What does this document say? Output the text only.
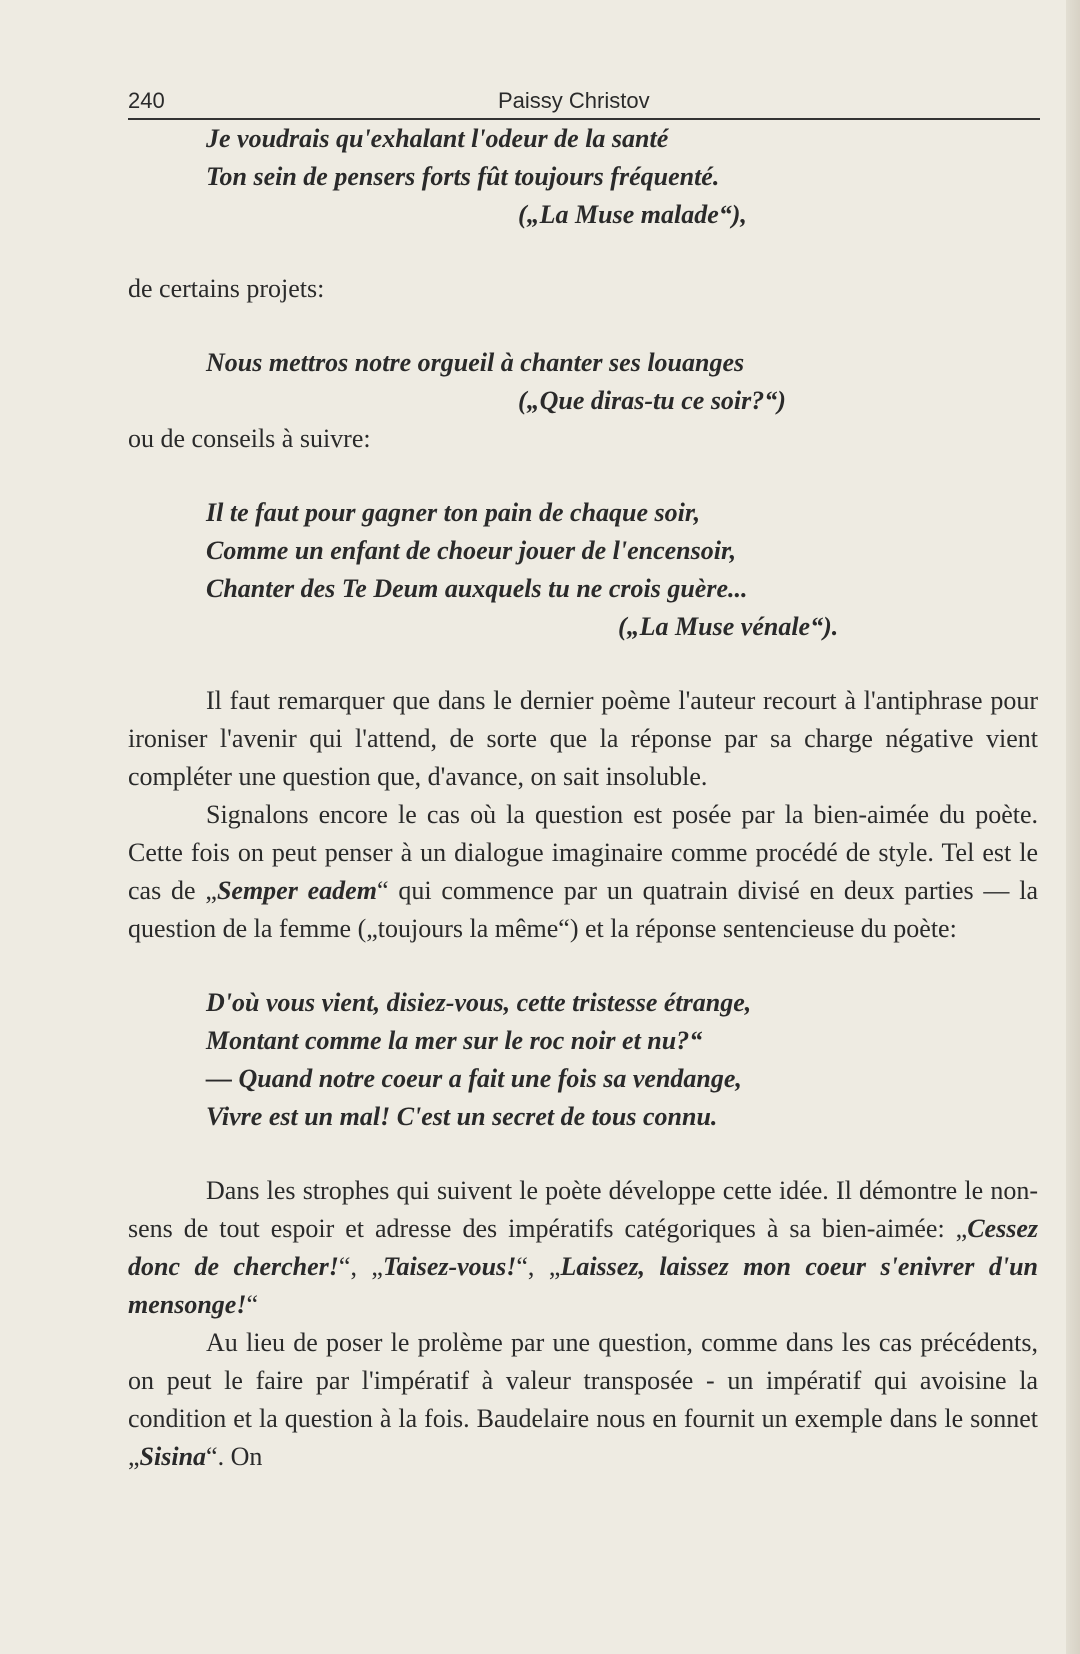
240	Paissy Christov
Je voudrais qu'exhalant l'odeur de la santé
Ton sein de pensers forts fût toujours fréquenté.
(„La Muse malade“),

de certains projets:

Nous mettros notre orgueil à chanter ses louanges
(„Que diras-tu ce soir?“)

ou de conseils à suivre:

Il te faut pour gagner ton pain de chaque soir,
Comme un enfant de choeur jouer de l'encensoir,
Chanter des Te Deum auxquels tu ne crois guère...
(„La Muse vénale“).

Il faut remarquer que dans le dernier poème l'auteur recourt à l'antiphrase pour ironiser l'avenir qui l'attend, de sorte que la réponse par sa charge négative vient compléter une question que, d'avance, on sait insoluble.

Signalons encore le cas où la question est posée par la bien-aimée du poète. Cette fois on peut penser à un dialogue imaginaire comme procédé de style. Tel est le cas de „Semper eadem“ qui commence par un quatrain divisé en deux parties — la question de la femme („toujours la même“) et la réponse sentencieuse du poète:

D'où vous vient, disiez-vous, cette tristesse étrange,
Montant comme la mer sur le roc noir et nu?“
— Quand notre coeur a fait une fois sa vendange,
Vivre est un mal! C'est un secret de tous connu.

Dans les strophes qui suivent le poète développe cette idée. Il démontre le non-sens de tout espoir et adresse des impératifs catégoriques à sa bien-aimée: „Cessez donc de chercher!“, „Taisez-vous!“, „Laissez, laissez mon coeur s'enivrer d'un mensonge!“

Au lieu de poser le prolème par une question, comme dans les cas précédents, on peut le faire par l'impératif à valeur transposée - un impératif qui avoisine la condition et la question à la fois. Baudelaire nous en fournit un exemple dans le sonnet „Sisina“. On
